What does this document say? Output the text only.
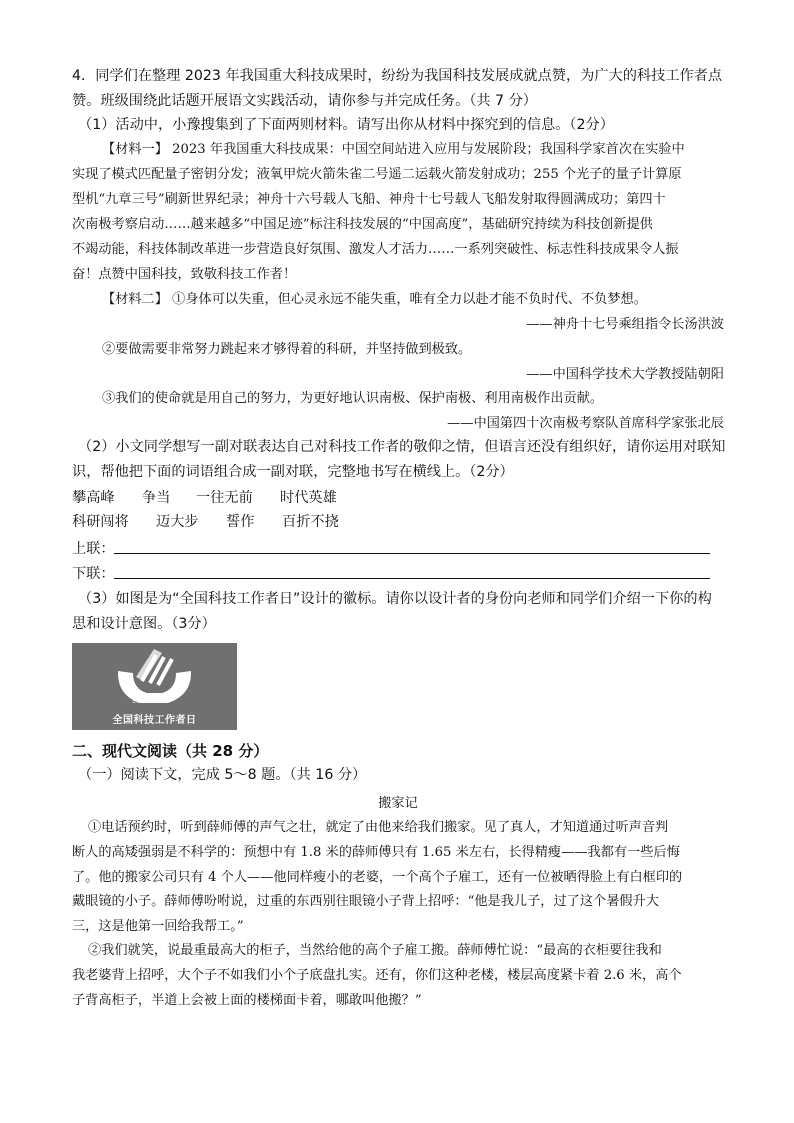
4．同学们在整理 2023 年我国重大科技成果时，纷纷为我国科技发展成就点赞，为广大的科技工作者点
赞。班级围绕此话题开展语文实践活动，请你参与并完成任务。（共 7 分）
（1）活动中，小豫搜集到了下面两则材料。请写出你从材料中探究到的信息。（2分）
【材料一】 2023 年我国重大科技成果：中国空间站进入应用与发展阶段；我国科学家首次在实验中
实现了模式匹配量子密钥分发；液氧甲烷火箭朱雀二号遥二运载火箭发射成功；255 个光子的量子计算原
型机“九章三号”刷新世界纪录；神舟十六号载人飞船、神舟十七号载人飞船发射取得圆满成功；第四十
次南极考察启动……越来越多“中国足迹”标注科技发展的“中国高度”，基础研究持续为科技创新提供
不竭动能，科技体制改革进一步营造良好氛围、激发人才活力……一系列突破性、标志性科技成果令人振
奋！点赞中国科技，致敬科技工作者！
【材料二】 ①身体可以失重，但心灵永远不能失重，唯有全力以赴才能不负时代、不负梦想。
——神舟十七号乘组指令长汤洪波
②要做需要非常努力跳起来才够得着的科研，并坚持做到极致。
——中国科学技术大学教授陆朝阳
③我们的使命就是用自己的努力，为更好地认识南极、保护南极、利用南极作出贡献。
——中国第四十次南极考察队首席科学家张北辰
（2）小文同学想写一副对联表达自己对科技工作者的敬仰之情，但语言还没有组织好，请你运用对联知
识，帮他把下面的词语组合成一副对联，完整地书写在横线上。（2分）
攀高峰	争当	一往无前	时代英雄
科研闯将	迈大步	誓作	百折不挠
上联：
下联：
（3）如图是为“全国科技工作者日”设计的徽标。请你以设计者的身份向老师和同学们介绍一下你的构
思和设计意图。（3分）
5.30
全国科技工作者日
二、现代文阅读（共 28 分）
（一）阅读下文，完成 5～8 题。（共 16 分）
搬家记
①电话预约时，听到薛师傅的声气之壮，就定了由他来给我们搬家。见了真人，才知道通过听声音判
断人的高矮强弱是不科学的：预想中有 1.8 米的薛师傅只有 1.65 米左右，长得精瘦——我都有一些后悔
了。他的搬家公司只有 4 个人——他同样瘦小的老婆，一个高个子雇工，还有一位被晒得脸上有白框印的
戴眼镜的小子。薛师傅吩咐说，过重的东西别往眼镜小子背上招呼：“他是我儿子，过了这个暑假升大
三，这是他第一回给我帮工。”
②我们就笑，说最重最高大的柜子，当然给他的高个子雇工搬。薛师傅忙说：“最高的衣柜要往我和
我老婆背上招呼，大个子不如我们小个子底盘扎实。还有，你们这种老楼，楼层高度紧卡着 2.6 米，高个
子背高柜子，半道上会被上面的楼梯面卡着，哪敢叫他搬？”
